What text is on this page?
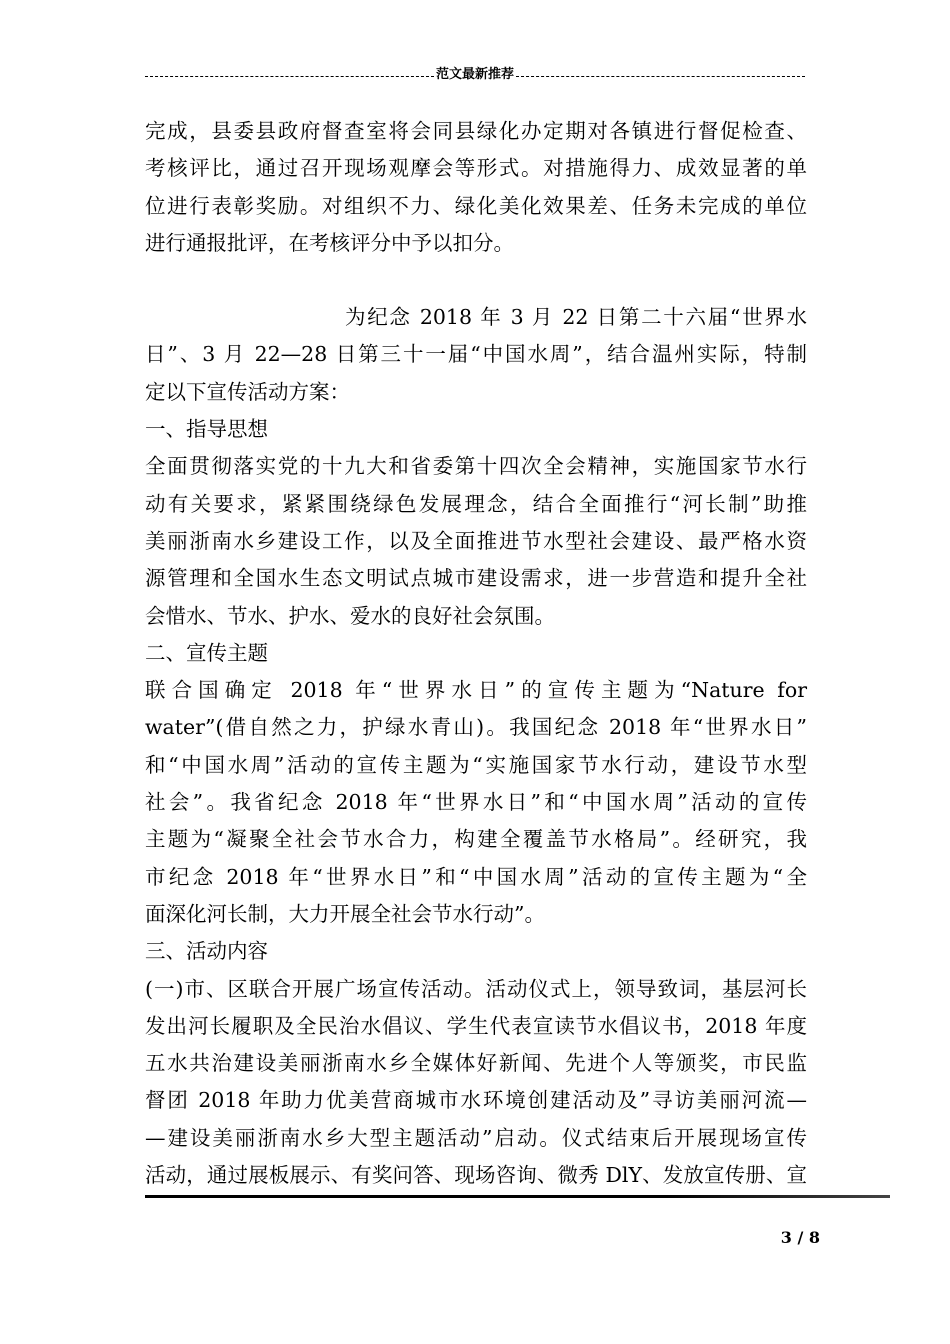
范文最新推荐

完成，县委县政府督查室将会同县绿化办定期对各镇进行督促检查、
考核评比，通过召开现场观摩会等形式。对措施得力、成效显著的单
位进行表彰奖励。对组织不力、绿化美化效果差、任务未完成的单位
进行通报批评，在考核评分中予以扣分。

为纪念 2018 年 3 月 22 日第二十六届“世界水
日”、3 月 22—28 日第三十一届“中国水周”，结合温州实际，特制
定以下宣传活动方案：

一、指导思想

全面贯彻落实党的十九大和省委第十四次全会精神，实施国家节水行
动有关要求，紧紧围绕绿色发展理念，结合全面推行“河长制”助推
美丽浙南水乡建设工作，以及全面推进节水型社会建设、最严格水资
源管理和全国水生态文明试点城市建设需求，进一步营造和提升全社
会惜水、节水、护水、爱水的良好社会氛围。

二、宣传主题

联合国确定 2018 年“世界水日”的宣传主题为“Nature for
water”(借自然之力，护绿水青山)。我国纪念 2018 年“世界水日”
和“中国水周”活动的宣传主题为“实施国家节水行动，建设节水型
社会”。我省纪念 2018 年“世界水日”和“中国水周”活动的宣传
主题为“凝聚全社会节水合力，构建全覆盖节水格局”。经研究，我
市纪念 2018 年“世界水日”和“中国水周”活动的宣传主题为“全
面深化河长制，大力开展全社会节水行动”。

三、活动内容

(一)市、区联合开展广场宣传活动。活动仪式上，领导致词，基层河长
发出河长履职及全民治水倡议、学生代表宣读节水倡议书，2018 年度
五水共治建设美丽浙南水乡全媒体好新闻、先进个人等颁奖，市民监
督团 2018 年助力优美营商城市水环境创建活动及”寻访美丽河流—
—建设美丽浙南水乡大型主题活动”启动。仪式结束后开展现场宣传
活动，通过展板展示、有奖问答、现场咨询、微秀 DlY、发放宣传册、宣

3 / 8
